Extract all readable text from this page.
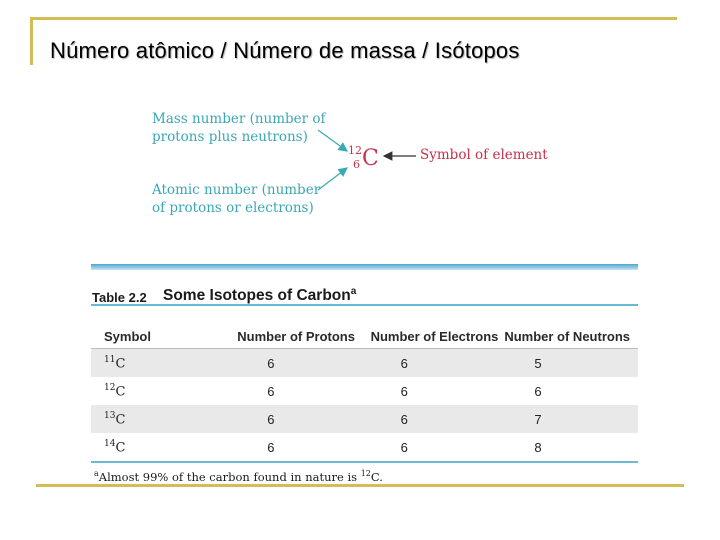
Número atômico / Número de massa / Isótopos
Mass number (number of protons plus neutrons)
Atomic number (number of protons or electrons)
12
6 C	Symbol of element
Table 2.2 Some Isotopes of Carbon$^a$
Symbol	Number of Protons	Number of Electrons	Number of Neutrons
$^{11}$C	6	6	5
$^{12}$C	6	6	6
$^{13}$C	6	6	7
$^{14}$C	6	6	8
$^a$Almost 99% of the carbon found in nature is $^{12}$C.
